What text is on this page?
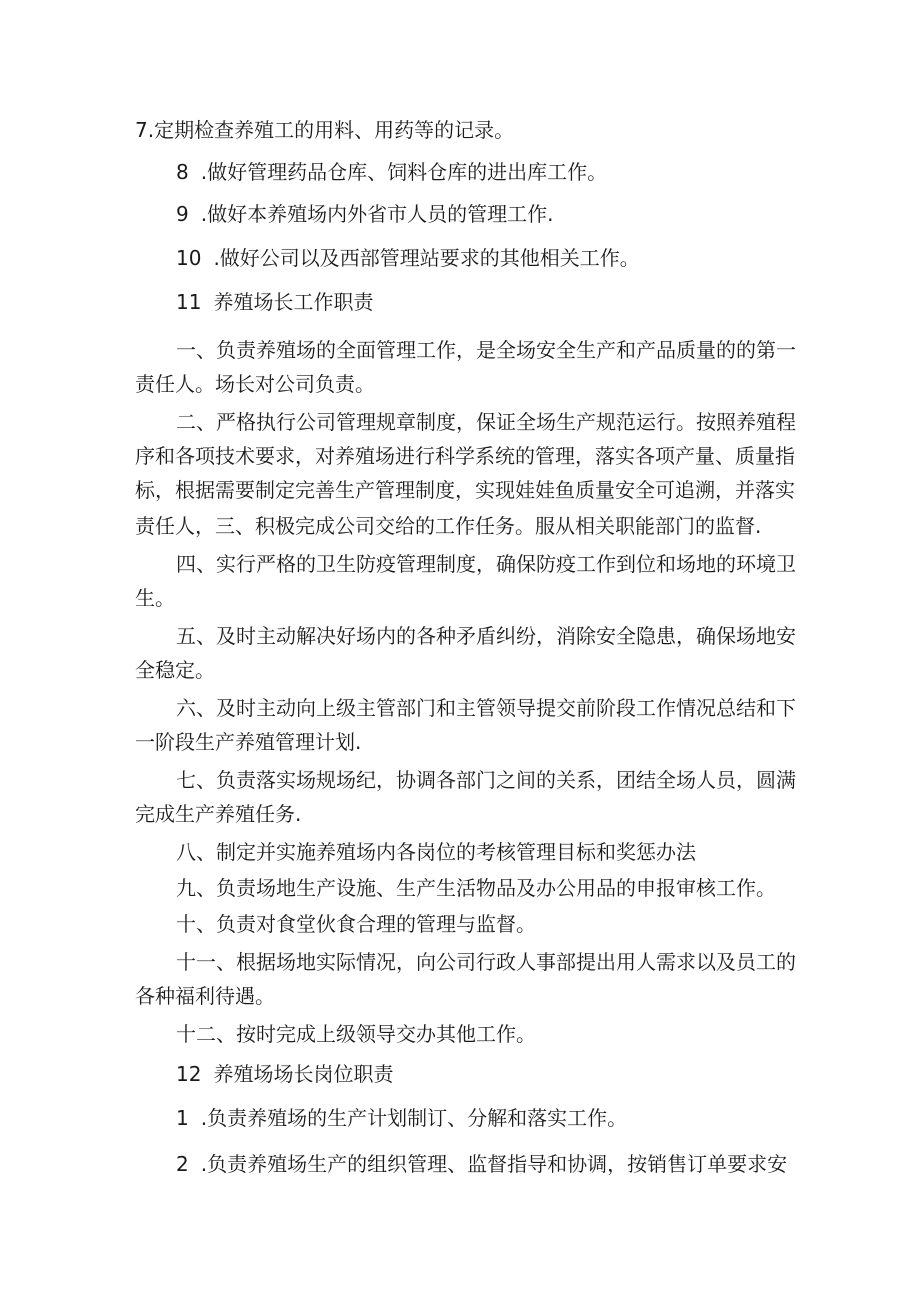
7.定期检查养殖工的用料、用药等的记录。
8 .做好管理药品仓库、饲料仓库的进出库工作。
9 .做好本养殖场内外省市人员的管理工作.
10 .做好公司以及西部管理站要求的其他相关工作。
11 养殖场长工作职责
一、负责养殖场的全面管理工作，是全场安全生产和产品质量的的第一
责任人。场长对公司负责。
二、严格执行公司管理规章制度，保证全场生产规范运行。按照养殖程
序和各项技术要求，对养殖场进行科学系统的管理，落实各项产量、质量指
标，根据需要制定完善生产管理制度，实现娃娃鱼质量安全可追溯，并落实
责任人，三、积极完成公司交给的工作任务。服从相关职能部门的监督.
四、实行严格的卫生防疫管理制度，确保防疫工作到位和场地的环境卫
生。
五、及时主动解决好场内的各种矛盾纠纷，消除安全隐患，确保场地安
全稳定。
六、及时主动向上级主管部门和主管领导提交前阶段工作情况总结和下
一阶段生产养殖管理计划.
七、负责落实场规场纪，协调各部门之间的关系，团结全场人员，圆满
完成生产养殖任务.
八、制定并实施养殖场内各岗位的考核管理目标和奖惩办法
九、负责场地生产设施、生产生活物品及办公用品的申报审核工作。
十、负责对食堂伙食合理的管理与监督。
十一、根据场地实际情况，向公司行政人事部提出用人需求以及员工的
各种福利待遇。
十二、按时完成上级领导交办其他工作。
12 养殖场场长岗位职责
1 .负责养殖场的生产计划制订、分解和落实工作。
2 .负责养殖场生产的组织管理、监督指导和协调，按销售订单要求安
